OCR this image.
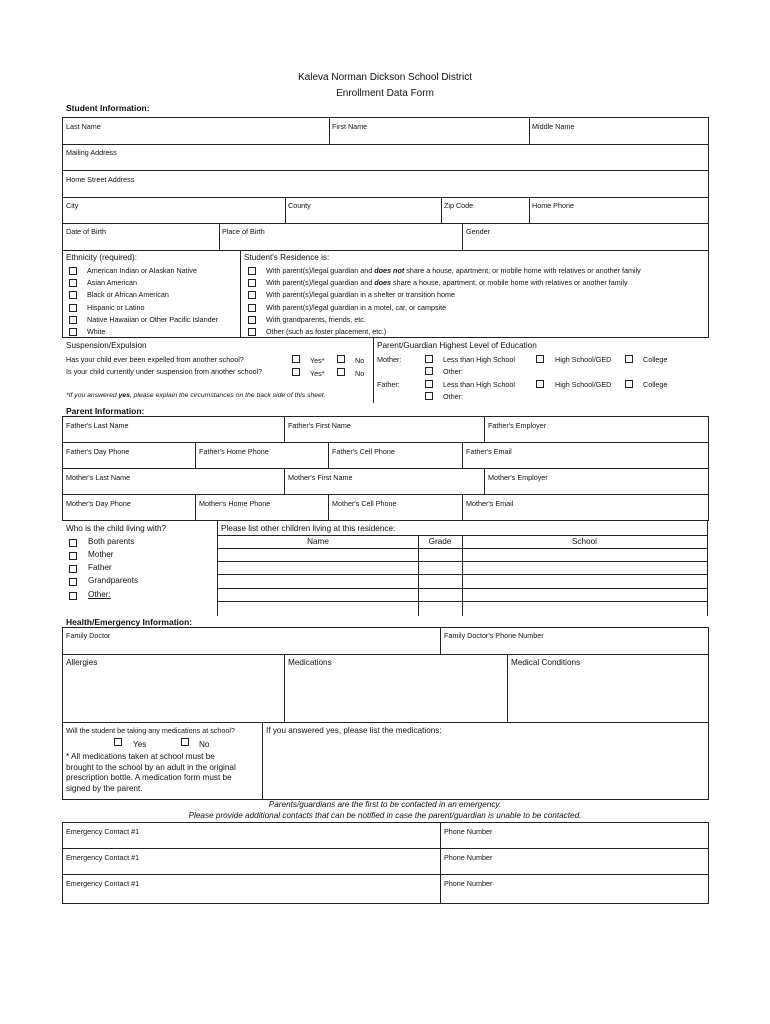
Kaleva Norman Dickson School District
Enrollment Data Form
Student Information:
Last Name	First Name	Middle Name
Mailing Address
Home Street Address
City	County	Zip Code	Home Phone
Date of Birth	Place of Birth	Gender
Ethnicity (required):
American Indian or Alaskan Native
Asian American
Black or African American
Hispanic or Latino
Native Hawaiian or Other Pacific Islander
White
Student's Residence is:
With parent(s)/legal guardian and does not share a house, apartment, or mobile home with relatives or another family
With parent(s)/legal guardian and does share a house, apartment, or mobile home with relatives or another family
With parent(s)/legal guardian in a shelter or transition home
With parent(s)/legal guardian in a motel, car, or campsite
With grandparents, friends, etc.
Other (such as foster placement, etc.)
Suspension/Expulsion
Has your child ever been expelled from another school?	Yes*	No
Is your child currently under suspension from another school?	Yes*	No
*If you answered yes, please explain the circumstances on the back side of this sheet.
Parent/Guardian Highest Level of Education
Mother:	Less than High School	High School/GED	College
Other:
Father:	Less than High School	High School/GED	College
Other:
Parent Information:
Father's Last Name	Father's First Name	Father's Employer
Father's Day Phone	Father's Home Phone	Father's Cell Phone	Father's Email
Mother's Last Name	Mother's First Name	Mother's Employer
Mother's Day Phone	Mother's Home Phone	Mother's Cell Phone	Mother's Email
Who is the child living with?
Both parents
Mother
Father
Grandparents
Other:
Please list other children living at this residence:
Name	Grade	School
Health/Emergency Information:
Family Doctor	Family Doctor's Phone Number
Allergies	Medications	Medical Conditions
Will the student be taking any medications at school?
Yes	No
* All medications taken at school must be
brought to the school by an adult in the original
prescription bottle. A medication form must be
signed by the parent.
If you answered yes, please list the medications:
Parents/guardians are the first to be contacted in an emergency.
Please provide additional contacts that can be notified in case the parent/guardian is unable to be contacted.
Emergency Contact #1	Phone Number
Emergency Contact #1	Phone Number
Emergency Contact #1	Phone Number
